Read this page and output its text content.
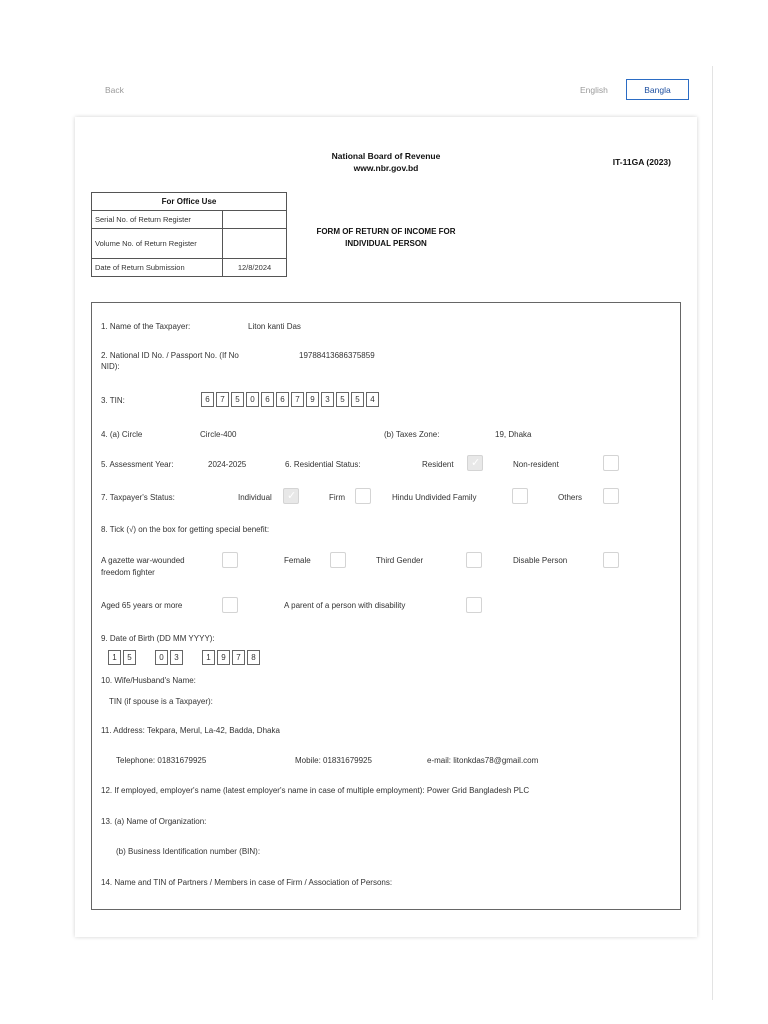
Back	English	Bangla
National Board of Revenue
www.nbr.gov.bd
IT-11GA (2023)
For Office Use	
Serial No. of Return Register	
Volume No. of Return Register	
Date of Return Submission	12/8/2024
FORM OF RETURN OF INCOME FOR
INDIVIDUAL PERSON
1. Name of the Taxpayer:	Liton kanti Das
2. National ID No. / Passport No. (If No
NID):
19788413686375859
3. TIN:	6	7	5	0	6	6	7	9	3	5	5	4
4. (a) Circle	Circle-400	(b) Taxes Zone:	19, Dhaka
5. Assessment Year:	2024-2025	6. Residential Status:	Resident ✓	Non-resident
7. Taxpayer's Status:	Individual ✓	Firm	Hindu Undivided Family	Others
8. Tick (√) on the box for getting special benefit:
A gazette war-wounded
freedom fighter
Female	Third Gender	Disable Person
Aged 65 years or more	A parent of a person with disability
9. Date of Birth (DD MM YYYY):
1	5	0	3	1	9	7	8
10. Wife/Husband's Name:
TIN (if spouse is a Taxpayer):
11. Address: Tekpara, Merul, La-42, Badda, Dhaka
Telephone: 01831679925	Mobile: 01831679925	e-mail: litonkdas78@gmail.com
12. If employed, employer's name (latest employer's name in case of multiple employment): Power Grid Bangladesh PLC
13. (a) Name of Organization:
(b) Business Identification number (BIN):
14. Name and TIN of Partners / Members in case of Firm / Association of Persons:
